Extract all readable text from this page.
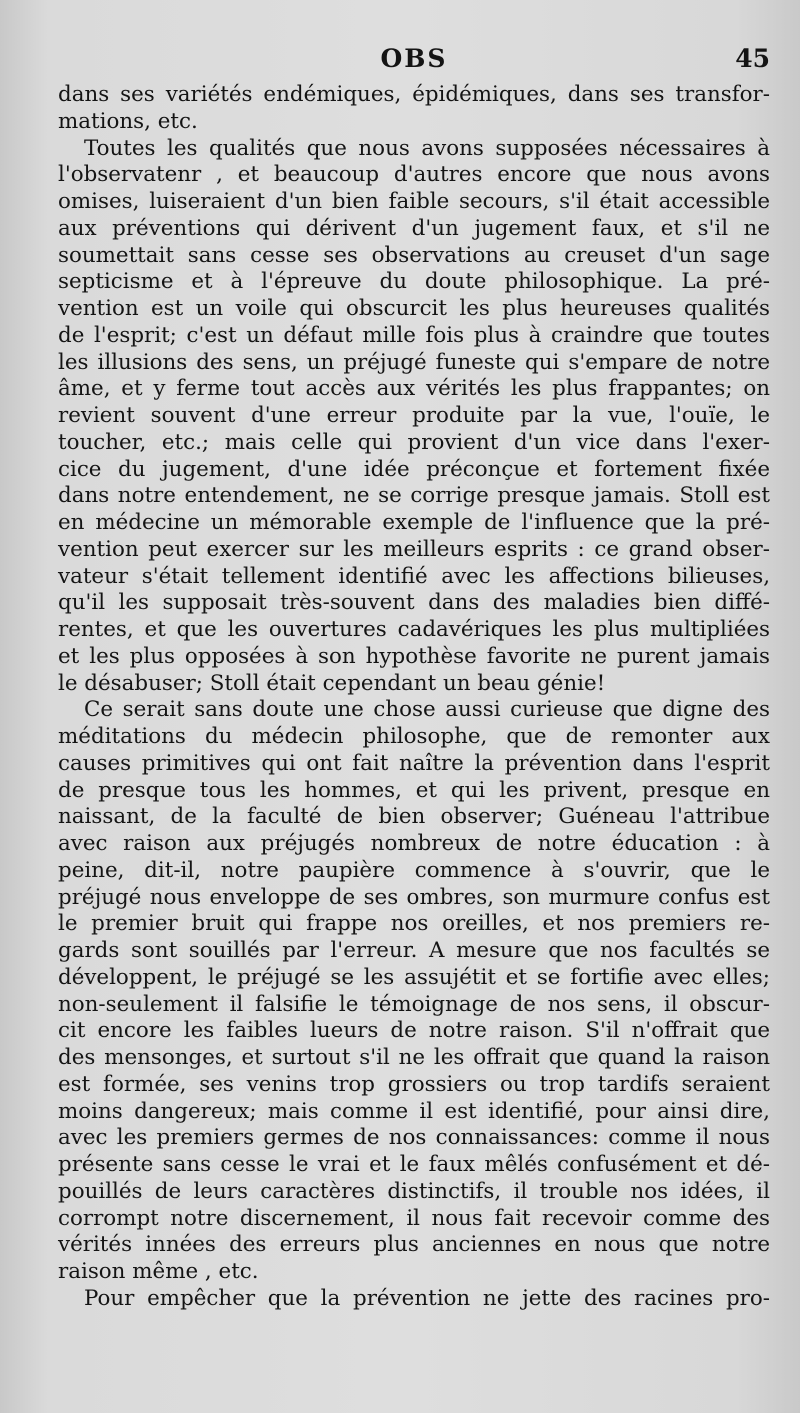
OBS	45
dans ses variétés endémiques, épidémiques, dans ses transfor-
mations, etc.
Toutes les qualités que nous avons supposées nécessaires à
l'observatenr , et beaucoup d'autres encore que nous avons
omises, luiseraient d'un bien faible secours, s'il était accessible
aux préventions qui dérivent d'un jugement faux, et s'il ne
soumettait sans cesse ses observations au creuset d'un sage
septicisme et à l'épreuve du doute philosophique. La pré-
vention est un voile qui obscurcit les plus heureuses qualités
de l'esprit; c'est un défaut mille fois plus à craindre que toutes
les illusions des sens, un préjugé funeste qui s'empare de notre
âme, et y ferme tout accès aux vérités les plus frappantes; on
revient souvent d'une erreur produite par la vue, l'ouïe, le
toucher, etc.; mais celle qui provient d'un vice dans l'exer-
cice du jugement, d'une idée préconçue et fortement fixée
dans notre entendement, ne se corrige presque jamais. Stoll est
en médecine un mémorable exemple de l'influence que la pré-
vention peut exercer sur les meilleurs esprits : ce grand obser-
vateur s'était tellement identifié avec les affections bilieuses,
qu'il les supposait très-souvent dans des maladies bien diffé-
rentes, et que les ouvertures cadavériques les plus multipliées
et les plus opposées à son hypothèse favorite ne purent jamais
le désabuser; Stoll était cependant un beau génie!
Ce serait sans doute une chose aussi curieuse que digne des
méditations du médecin philosophe, que de remonter aux
causes primitives qui ont fait naître la prévention dans l'esprit
de presque tous les hommes, et qui les privent, presque en
naissant, de la faculté de bien observer; Guéneau l'attribue
avec raison aux préjugés nombreux de notre éducation : à
peine, dit-il, notre paupière commence à s'ouvrir, que le
préjugé nous enveloppe de ses ombres, son murmure confus est
le premier bruit qui frappe nos oreilles, et nos premiers re-
gards sont souillés par l'erreur. A mesure que nos facultés se
développent, le préjugé se les assujétit et se fortifie avec elles;
non-seulement il falsifie le témoignage de nos sens, il obscur-
cit encore les faibles lueurs de notre raison. S'il n'offrait que
des mensonges, et surtout s'il ne les offrait que quand la raison
est formée, ses venins trop grossiers ou trop tardifs seraient
moins dangereux; mais comme il est identifié, pour ainsi dire,
avec les premiers germes de nos connaissances: comme il nous
présente sans cesse le vrai et le faux mêlés confusément et dé-
pouillés de leurs caractères distinctifs, il trouble nos idées, il
corrompt notre discernement, il nous fait recevoir comme des
vérités innées des erreurs plus anciennes en nous que notre
raison même , etc.
Pour empêcher que la prévention ne jette des racines pro-
